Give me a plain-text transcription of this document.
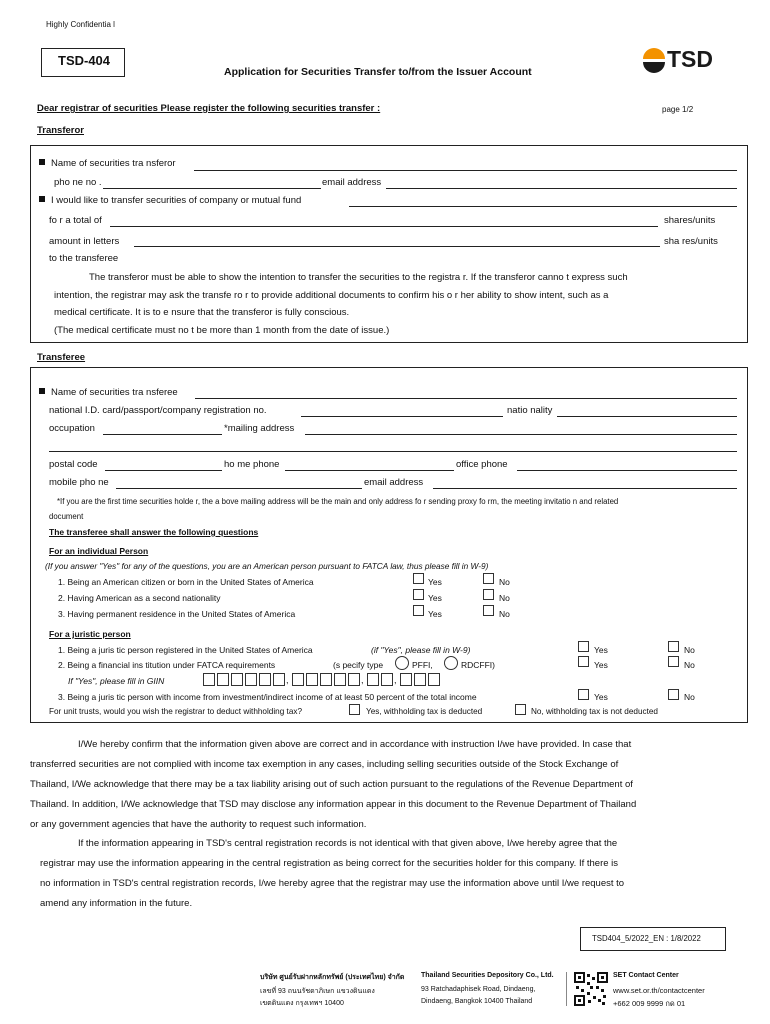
Highly Confidentia l
TSD-404
Application for Securities Transfer to/from the Issuer Account	TSD
Dear registrar of securities Please register the following securities transfer :	page 1/2
Transferor
Name of securities tra nsferor
pho ne no .	email address
I would like to transfer securities of company or mutual fund
fo r a total of	shares/units
amount in letters	sha res/units
to the transferee
The transferor must be able to show the intention to transfer the securities to the registra r. If the transferor canno t express such
intention, the registrar may ask the transfe ro r to provide additional documents to confirm his o r her ability to show intent, such as a
medical certificate. It is to e nsure that the transferor is fully conscious.
(The medical certificate must no t be more than 1 month from the date of issue.)
Transferee
Name of securities tra nsferee
national I.D. card/passport/company registration no.	natio nality
occupation	*mailing address
postal code	ho me phone	office phone
mobile pho ne	email address
*If you are the first time securities holde r, the a bove mailing address will be the main and only address fo r sending proxy fo rm, the meeting invitatio n and related
document
The transferee shall answer the following questions
For an individual Person
(If you answer "Yes" for any of the questions, you are an American person pursuant to FATCA law, thus please fill in W-9)
1. Being an American citizen or born in the United States of America	Yes	No
2. Having American as a second nationality	Yes	No
3. Having permanent residence in the United States of America	Yes	No
For a juristic person
1. Being a juris tic person registered in the United States of America	(if "Yes", please fill in W-9)	Yes	No
2. Being a financial ins titution under FATCA requirements	(s pecify type	PFFI,	RDCFFI)	Yes	No
If "Yes", please fill in GIIN	,	,	,
3. Being a juris tic person with income from investment/indirect income of at least 50 percent of the total income	Yes	No
For unit trusts, would you wish the registrar to deduct withholding tax?	Yes, withholding tax is deducted	No, withholding tax is not deducted
I/We hereby confirm that the information given above are correct and in accordance with instruction I/we have provided. In case that
transferred securities are not complied with income tax exemption in any cases, including selling securities outside of the Stock Exchange of
Thailand, I/We acknowledge that there may be a tax liability arising out of such action pursuant to the regulations of the Revenue Department of
Thailand. In addition, I/We acknowledge that TSD may disclose any information appear in this document to the Revenue Department of Thailand
or any government agencies that have the authority to request such information.
If the information appearing in TSD's central registration records is not identical with that given above, I/we hereby agree that the
registrar may use the information appearing in the central registration as being correct for the securities holder for this company. If there is
no information in TSD's central registration records, I/we hereby agree that the registrar may use the information above until I/we request to
amend any information in the future.
TSD404_5/2022_EN : 1/8/2022
บริษัท ศูนย์รับฝากหลักทรัพย์ (ประเทศไทย) จำกัด
เลขที่ 93 ถนนรัชดาภิเษก แขวงดินแดง
เขตดินแดง กรุงเทพฯ 10400
Thailand Securities Depository Co., Ltd.
93 Ratchadaphisek Road, Dindaeng,
Dindaeng, Bangkok 10400 Thailand
SET Contact Center
www.set.or.th/contactcenter
+662 009 9999 กด 01
